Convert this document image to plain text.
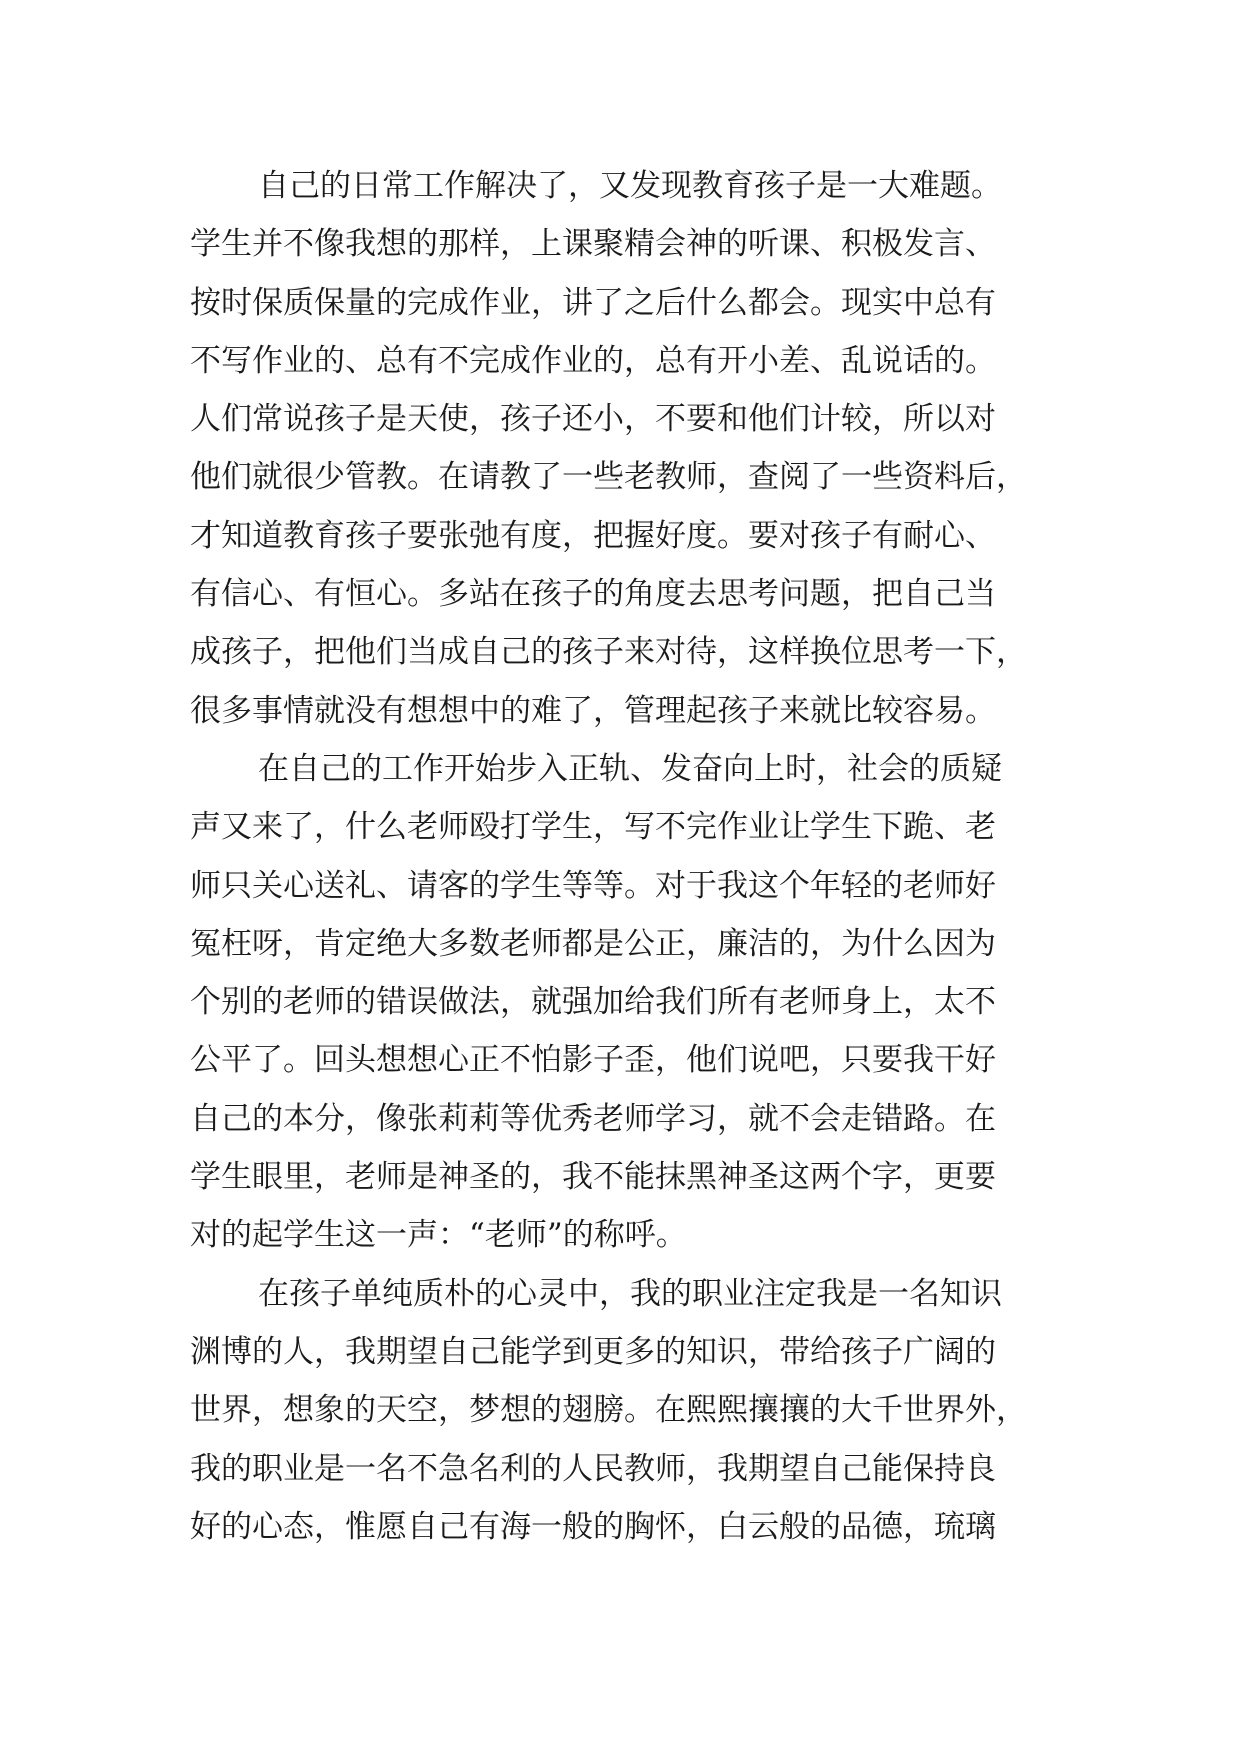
自己的日常工作解决了，又发现教育孩子是一大难题。
学生并不像我想的那样，上课聚精会神的听课、积极发言、
按时保质保量的完成作业，讲了之后什么都会。现实中总有
不写作业的、总有不完成作业的，总有开小差、乱说话的。
人们常说孩子是天使，孩子还小，不要和他们计较，所以对
他们就很少管教。在请教了一些老教师，查阅了一些资料后，
才知道教育孩子要张弛有度，把握好度。要对孩子有耐心、
有信心、有恒心。多站在孩子的角度去思考问题，把自己当
成孩子，把他们当成自己的孩子来对待，这样换位思考一下，
很多事情就没有想想中的难了，管理起孩子来就比较容易。
在自己的工作开始步入正轨、发奋向上时，社会的质疑
声又来了，什么老师殴打学生，写不完作业让学生下跪、老
师只关心送礼、请客的学生等等。对于我这个年轻的老师好
冤枉呀，肯定绝大多数老师都是公正，廉洁的，为什么因为
个别的老师的错误做法，就强加给我们所有老师身上，太不
公平了。回头想想心正不怕影子歪，他们说吧，只要我干好
自己的本分，像张莉莉等优秀老师学习，就不会走错路。在
学生眼里，老师是神圣的，我不能抹黑神圣这两个字，更要
对的起学生这一声：“老师”的称呼。
在孩子单纯质朴的心灵中，我的职业注定我是一名知识
渊博的人，我期望自己能学到更多的知识，带给孩子广阔的
世界，想象的天空，梦想的翅膀。在熙熙攘攘的大千世界外，
我的职业是一名不急名利的人民教师，我期望自己能保持良
好的心态，惟愿自己有海一般的胸怀，白云般的品德，琉璃
